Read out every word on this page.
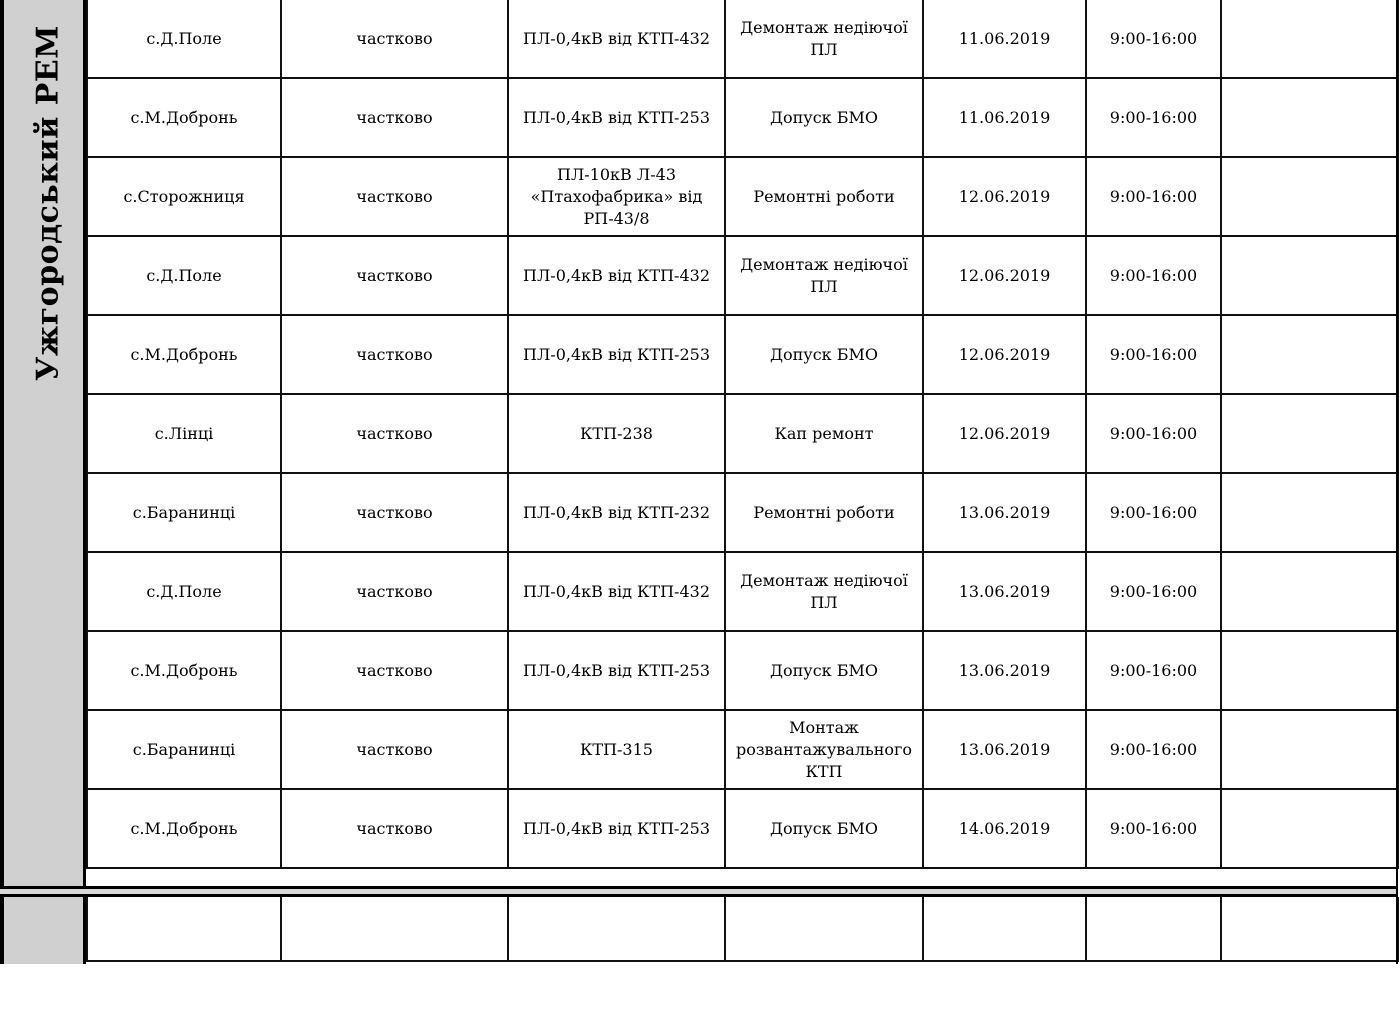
Ужгородський РЕМ	с.Д.Поле	частково	ПЛ-0,4кВ від КТП-432	Демонтаж недіючої ПЛ	11.06.2019	9:00-16:00	
с.М.Добронь	частково	ПЛ-0,4кВ від КТП-253	Допуск БМО	11.06.2019	9:00-16:00	
с.Сторожниця	частково	ПЛ-10кВ Л-43 «Птахофабрика» від РП-43/8	Ремонтні роботи	12.06.2019	9:00-16:00	
с.Д.Поле	частково	ПЛ-0,4кВ від КТП-432	Демонтаж недіючої ПЛ	12.06.2019	9:00-16:00	
с.М.Добронь	частково	ПЛ-0,4кВ від КТП-253	Допуск БМО	12.06.2019	9:00-16:00	
с.Лінці	частково	КТП-238	Кап ремонт	12.06.2019	9:00-16:00	
с.Баранинці	частково	ПЛ-0,4кВ від КТП-232	Ремонтні роботи	13.06.2019	9:00-16:00	
с.Д.Поле	частково	ПЛ-0,4кВ від КТП-432	Демонтаж недіючої ПЛ	13.06.2019	9:00-16:00	
с.М.Добронь	частково	ПЛ-0,4кВ від КТП-253	Допуск БМО	13.06.2019	9:00-16:00	
с.Баранинці	частково	КТП-315	Монтаж розвантажувального КТП	13.06.2019	9:00-16:00	
с.М.Добронь	частково	ПЛ-0,4кВ від КТП-253	Допуск БМО	14.06.2019	9:00-16:00	
